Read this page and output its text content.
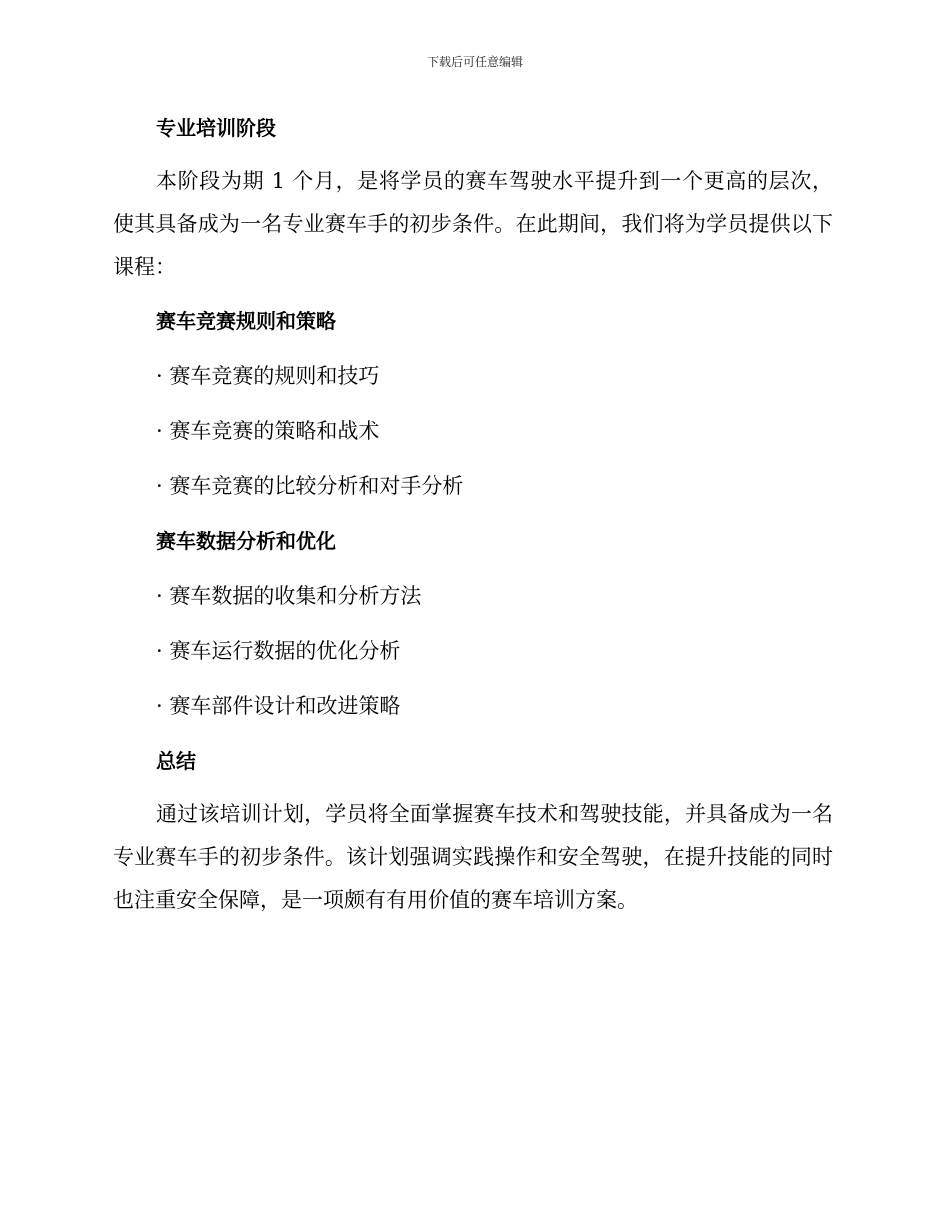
下载后可任意编辑
专业培训阶段

本阶段为期 1 个月，是将学员的赛车驾驶水平提升到一个更高的层次，使其具备成为一名专业赛车手的初步条件。在此期间，我们将为学员提供以下课程：

赛车竞赛规则和策略

· 赛车竞赛的规则和技巧

· 赛车竞赛的策略和战术

· 赛车竞赛的比较分析和对手分析

赛车数据分析和优化

· 赛车数据的收集和分析方法

· 赛车运行数据的优化分析

· 赛车部件设计和改进策略

总结

通过该培训计划，学员将全面掌握赛车技术和驾驶技能，并具备成为一名专业赛车手的初步条件。该计划强调实践操作和安全驾驶，在提升技能的同时也注重安全保障，是一项颇有有用价值的赛车培训方案。
